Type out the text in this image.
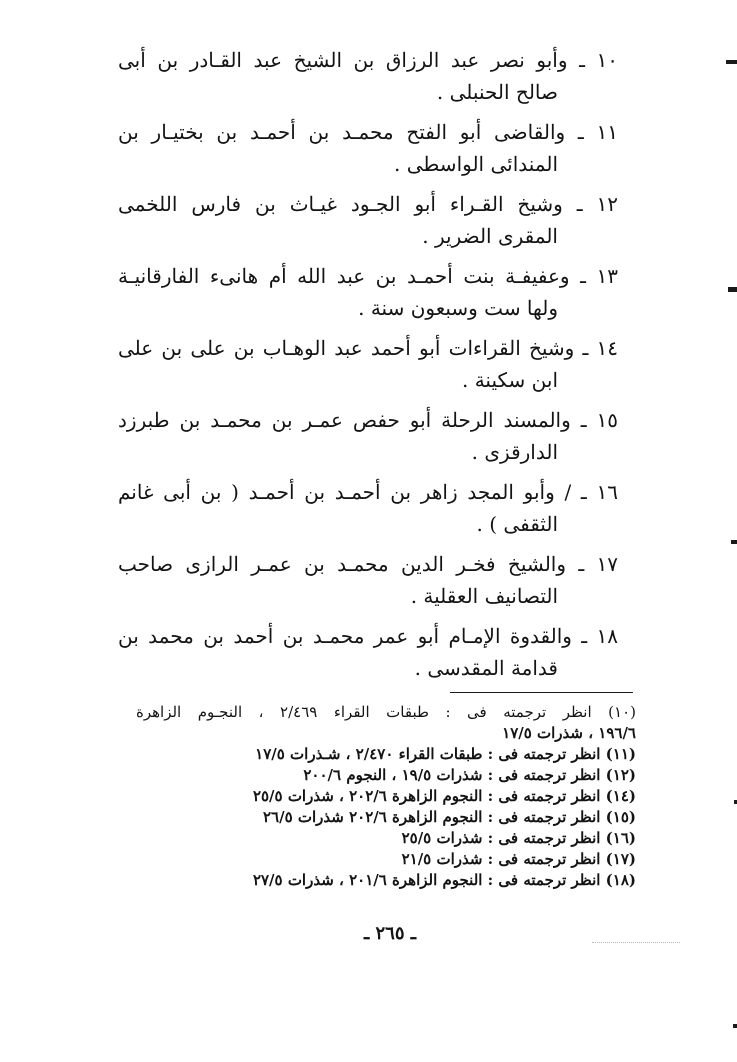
١٠ ـ وأبو نصر عبد الرزاق بن الشيخ عبد القـادر بن أبى
صالح الحنبلى .
١١ ـ والقاضى أبو الفتح محمـد بن أحمـد بن بختيـار بن
المندائى الواسطى .
١٢ ـ وشيخ القـراء أبو الجـود غيـاث بن فارس اللخمى
المقرى الضرير .
١٣ ـ وعفيفـة بنت أحمـد بن عبد الله أم هانىء الفارقانيـة
ولها ست وسبعون سنة .
١٤ ـ وشيخ القراءات أبو أحمد عبد الوهـاب بن على بن على
ابن سكينة .
١٥ ـ والمسند الرحلة أبو حفص عمـر بن محمـد بن طبرزد
الدارقزى .
١٦ ـ / وأبو المجد زاهر بن أحمـد بن أحمـد ( بن أبى غانم
الثقفى ) .
١٧ ـ والشيخ فخـر الدين محمـد بن عمـر الرازى صاحب
التصانيف العقلية .
١٨ ـ والقدوة الإمـام أبو عمر محمـد بن أحمد بن محمد بن
قدامة المقدسى .
(١٠) انظر ترجمته فى : طبقات القراء ٢/٤٦٩ ، النجـوم الزاهرة
١٩٦/٦ ، شذرات ١٧/٥
(١١) انظر ترجمته فى : طبقات القراء ٢/٤٧٠ ، شـذرات ١٧/٥
(١٢) انظر ترجمته فى : شذرات ١٩/٥ ، النجوم ٢٠٠/٦
(١٤) انظر ترجمته فى : النجوم الزاهرة ٢٠٢/٦ ، شذرات ٢٥/٥
(١٥) انظر ترجمته فى : النجوم الزاهرة ٢٠٢/٦ شذرات ٢٦/٥
(١٦) انظر ترجمته فى : شذرات ٢٥/٥
(١٧) انظر ترجمته فى : شذرات ٢١/٥
(١٨) انظر ترجمته فى : النجوم الزاهرة ٢٠١/٦ ، شذرات ٢٧/٥
ـ ٢٦٥ ـ
